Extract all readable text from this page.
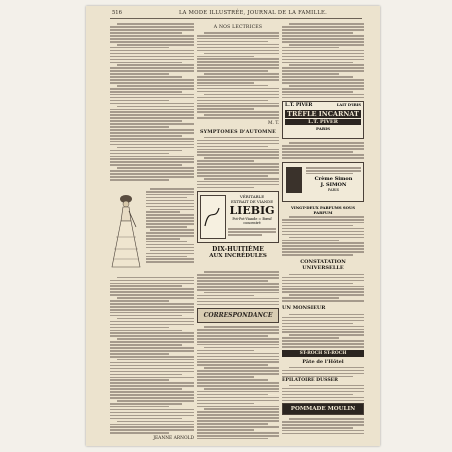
516	LA MODE ILLUSTRÉE, JOURNAL DE LA FAMILLE.
JEANNE ARNOLD
A NOS LECTRICES
M. T.
SYMPTOMES D'AUTOMNE
VÉRITABLE
EXTRAIT DE VIANDE
LIEBIG
Pot-Pot-Viande = Bœuf concentré
DIX-HUITIÈME
AUX INCRÉDULES
CORRESPONDANCE
L.T. PIVER	LAIT D'IRIS
TRÈFLE INCARNAT
L.T. PIVER
PARIS
Crème Simon
J. SIMON
PARIS
VINGT-DEUX PARFUMS SOUS PARFUM
CONSTATATION UNIVERSELLE
UN MONSIEUR
ST-ROCH ST-ROCH
Pâte de l'Hôtel
ÉPILATOIRE DUSSER
POMMADE MOULIN
